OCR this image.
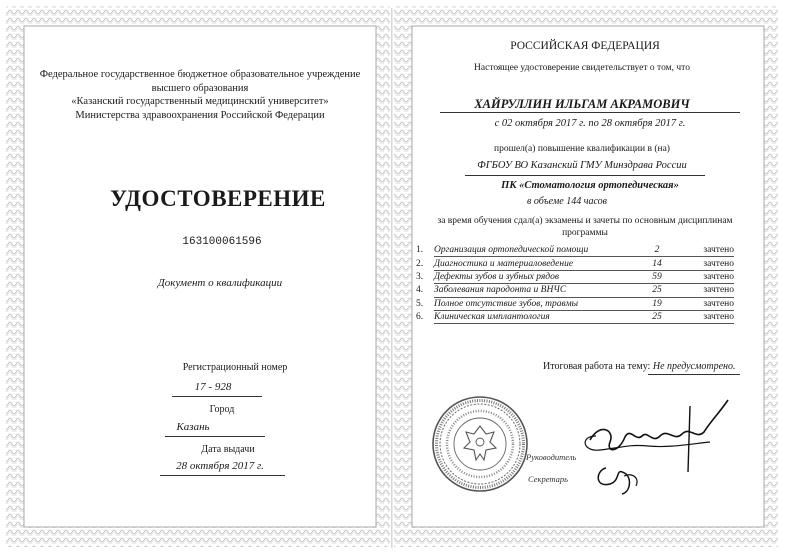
Федеральное государственное бюджетное образовательное учреждение
высшего образования
«Казанский государственный медицинский университет»
Министерства здравоохранения Российской Федерации
УДОСТОВЕРЕНИЕ
163100061596
Документ о квалификации
Регистрационный номер
17 - 928
Город
Казань
Дата выдачи
28 октября 2017 г.
РОССИЙСКАЯ ФЕДЕРАЦИЯ
Настоящее удостоверение свидетельствует о том, что
ХАЙРУЛЛИН ИЛЬГАМ АКРАМОВИЧ
с 02 октября 2017 г. по 28 октября 2017 г.
прошел(а) повышение квалификации в (на)
ФГБОУ ВО Казанский ГМУ Минздрава России
ПК «Стоматология ортопедическая»
в объеме 144 часов
за время обучения сдал(а) экзамены и зачеты по основным дисциплинам
программы
1.	Организация ортопедической помощи	2	зачтено
2.	Диагностика и материаловедение	14	зачтено
3.	Дефекты зубов и зубных рядов	59	зачтено
4.	Заболевания пародонта и ВНЧС	25	зачтено
5.	Полное отсутствие зубов, травмы	19	зачтено
6.	Клиническая имплантология	25	зачтено
Итоговая работа на тему: Не предусмотрено.
Руководитель
Секретарь
